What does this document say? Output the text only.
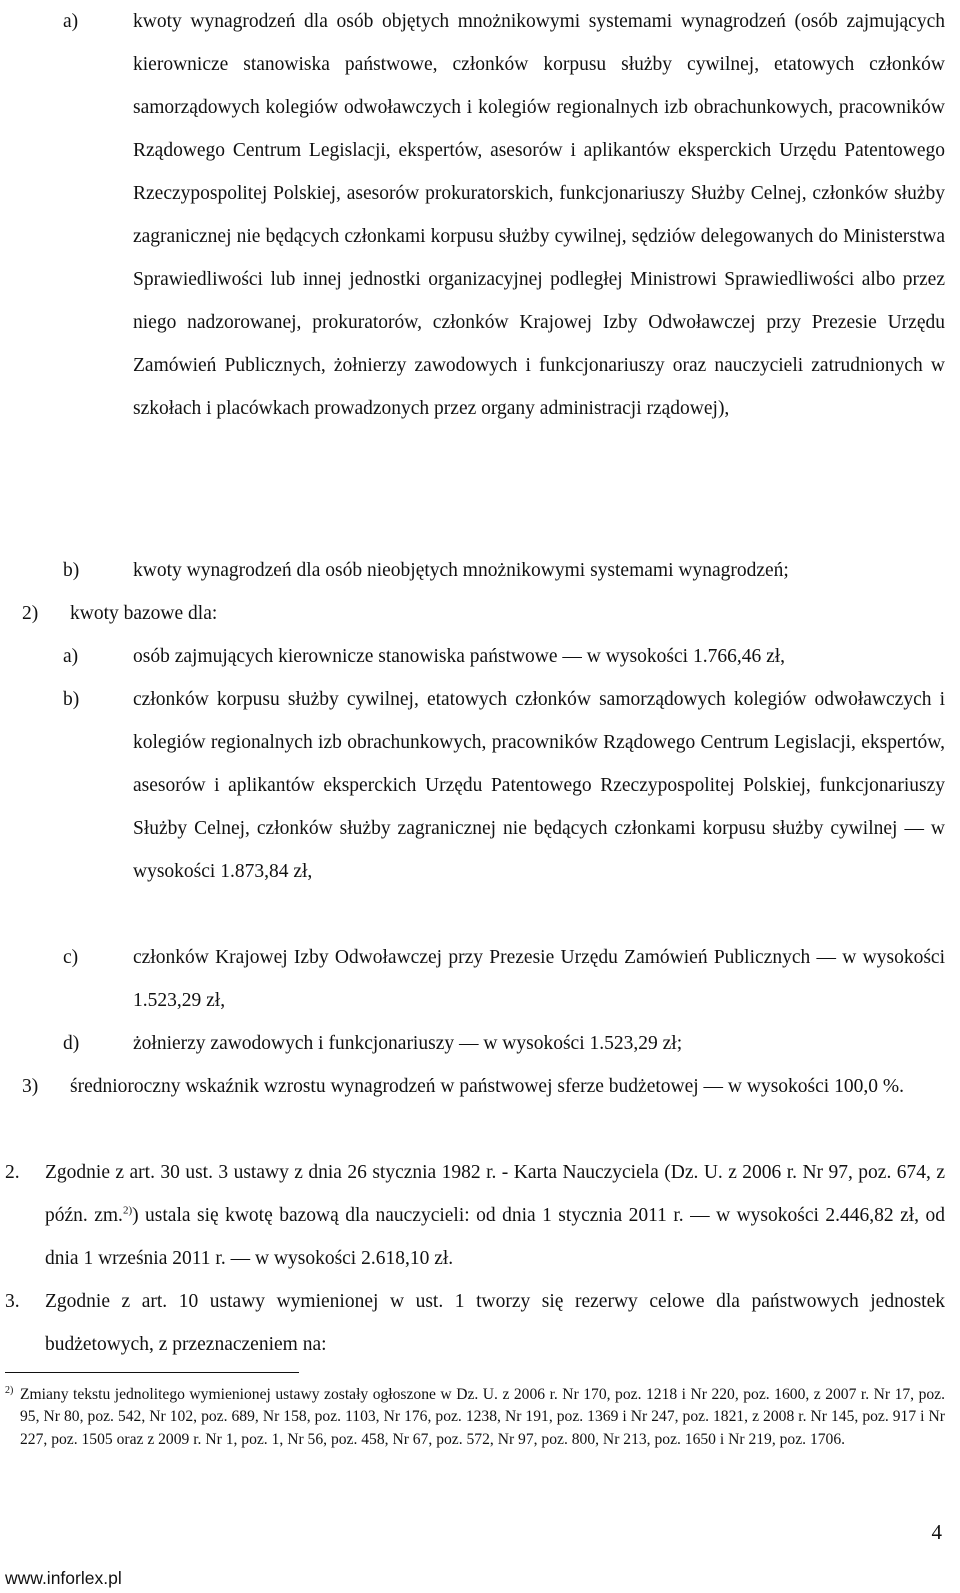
a)	kwoty wynagrodzeń dla osób objętych mnożnikowymi systemami wynagrodzeń (osób zajmujących kierownicze stanowiska państwowe, członków korpusu służby cywilnej, etatowych członków samorządowych kolegiów odwoławczych i kolegiów regionalnych izb obrachunkowych, pracowników Rządowego Centrum Legislacji, ekspertów, asesorów i aplikantów eksperckich Urzędu Patentowego Rzeczypospolitej Polskiej, asesorów prokuratorskich, funkcjonariuszy Służby Celnej, członków służby zagranicznej nie będących członkami korpusu służby cywilnej, sędziów delegowanych do Ministerstwa Sprawiedliwości lub innej jednostki organizacyjnej podległej Ministrowi Sprawiedliwości albo przez niego nadzorowanej, prokuratorów, członków Krajowej Izby Odwoławczej przy Prezesie Urzędu Zamówień Publicznych, żołnierzy zawodowych i funkcjonariuszy oraz nauczycieli zatrudnionych w szkołach i placówkach prowadzonych przez organy administracji rządowej),
b)	kwoty wynagrodzeń dla osób nieobjętych mnożnikowymi systemami wynagrodzeń;
2) kwoty bazowe dla:
a)	osób zajmujących kierownicze stanowiska państwowe — w wysokości 1.766,46 zł,
b)	członków korpusu służby cywilnej, etatowych członków samorządowych kolegiów odwoławczych i kolegiów regionalnych izb obrachunkowych, pracowników Rządowego Centrum Legislacji, ekspertów, asesorów i aplikantów eksperckich Urzędu Patentowego Rzeczypospolitej Polskiej, funkcjonariuszy Służby Celnej, członków służby zagranicznej nie będących członkami korpusu służby cywilnej — w wysokości 1.873,84 zł,
c)	członków Krajowej Izby Odwoławczej przy Prezesie Urzędu Zamówień Publicznych — w wysokości 1.523,29 zł,
d)	żołnierzy zawodowych i funkcjonariuszy — w wysokości 1.523,29 zł;
3) średnioroczny wskaźnik wzrostu wynagrodzeń w państwowej sferze budżetowej — w wysokości 100,0 %.
2. Zgodnie z art. 30 ust. 3 ustawy z dnia 26 stycznia 1982 r. - Karta Nauczyciela (Dz. U. z 2006 r. Nr 97, poz. 674, z późn. zm.$^{2)}$) ustala się kwotę bazową dla nauczycieli: od dnia 1 stycznia 2011 r. — w wysokości 2.446,82 zł, od dnia 1 września 2011 r. — w wysokości 2.618,10 zł.
3. Zgodnie z art. 10 ustawy wymienionej w ust. 1 tworzy się rezerwy celowe dla państwowych jednostek budżetowych, z przeznaczeniem na:
2) Zmiany tekstu jednolitego wymienionej ustawy zostały ogłoszone w Dz. U. z 2006 r. Nr 170, poz. 1218 i Nr 220, poz. 1600, z 2007 r. Nr 17, poz. 95, Nr 80, poz. 542, Nr 102, poz. 689, Nr 158, poz. 1103, Nr 176, poz. 1238, Nr 191, poz. 1369 i Nr 247, poz. 1821, z 2008 r. Nr 145, poz. 917 i Nr 227, poz. 1505 oraz z 2009 r. Nr 1, poz. 1, Nr 56, poz. 458, Nr 67, poz. 572, Nr 97, poz. 800, Nr 213, poz. 1650 i Nr 219, poz. 1706.
www.inforlex.pl
4
